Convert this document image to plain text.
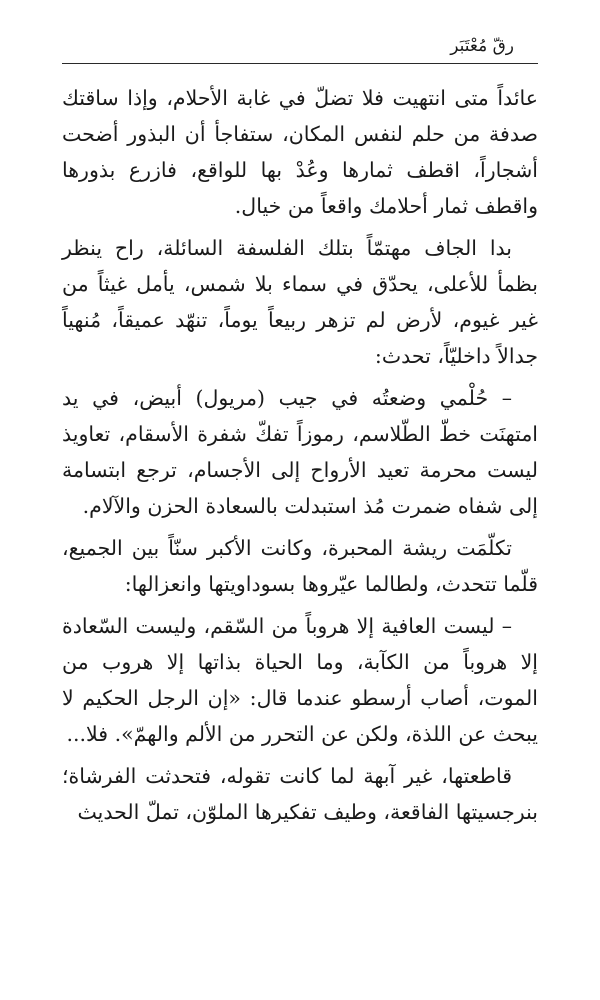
رقّ مُعْتَبَر

عائداً متى انتهيت فلا تضلّ في غابة الأحلام، وإذا ساقتك صدفة من حلم لنفس المكان، ستفاجأ أن البذور أضحت أشجاراً، اقطف ثمارها وعُدْ بها للواقع، فازرع بذورها واقطف ثمار أحلامك واقعاً من خيال.

بدا الجاف مهتمّاً بتلك الفلسفة السائلة، راح ينظر بظمأ للأعلى، يحدّق في سماء بلا شمس، يأمل غيثاً من غير غيوم، لأرض لم تزهر ربيعاً يوماً، تنهّد عميقاً، مُنهياً جدالاً داخليّاً، تحدث:

– حُلْمي وضعتُه في جيب (مريول) أبيض، في يد امتهنَت خطّ الطّلاسم، رموزاً تفكّ شفرة الأسقام، تعاويذ ليست محرمة تعيد الأرواح إلى الأجسام، ترجع ابتسامة إلى شفاه ضمرت مُذ استبدلت بالسعادة الحزن والآلام.

تكلّمَت ريشة المحبرة، وكانت الأكبر سنّاً بين الجميع، قلّما تتحدث، ولطالما عيّروها بسوداويتها وانعزالها:

– ليست العافية إلا هروباً من السّقم، وليست السّعادة إلا هروباً من الكآبة، وما الحياة بذاتها إلا هروب من الموت، أصاب أرسطو عندما قال: «إن الرجل الحكيم لا يبحث عن اللذة، ولكن عن التحرر من الألم والهمّ». فلا...

قاطعتها، غير آبهة لما كانت تقوله، فتحدثت الفرشاة؛ بنرجسيتها الفاقعة، وطيف تفكيرها الملوّن، تملّ الحديث
